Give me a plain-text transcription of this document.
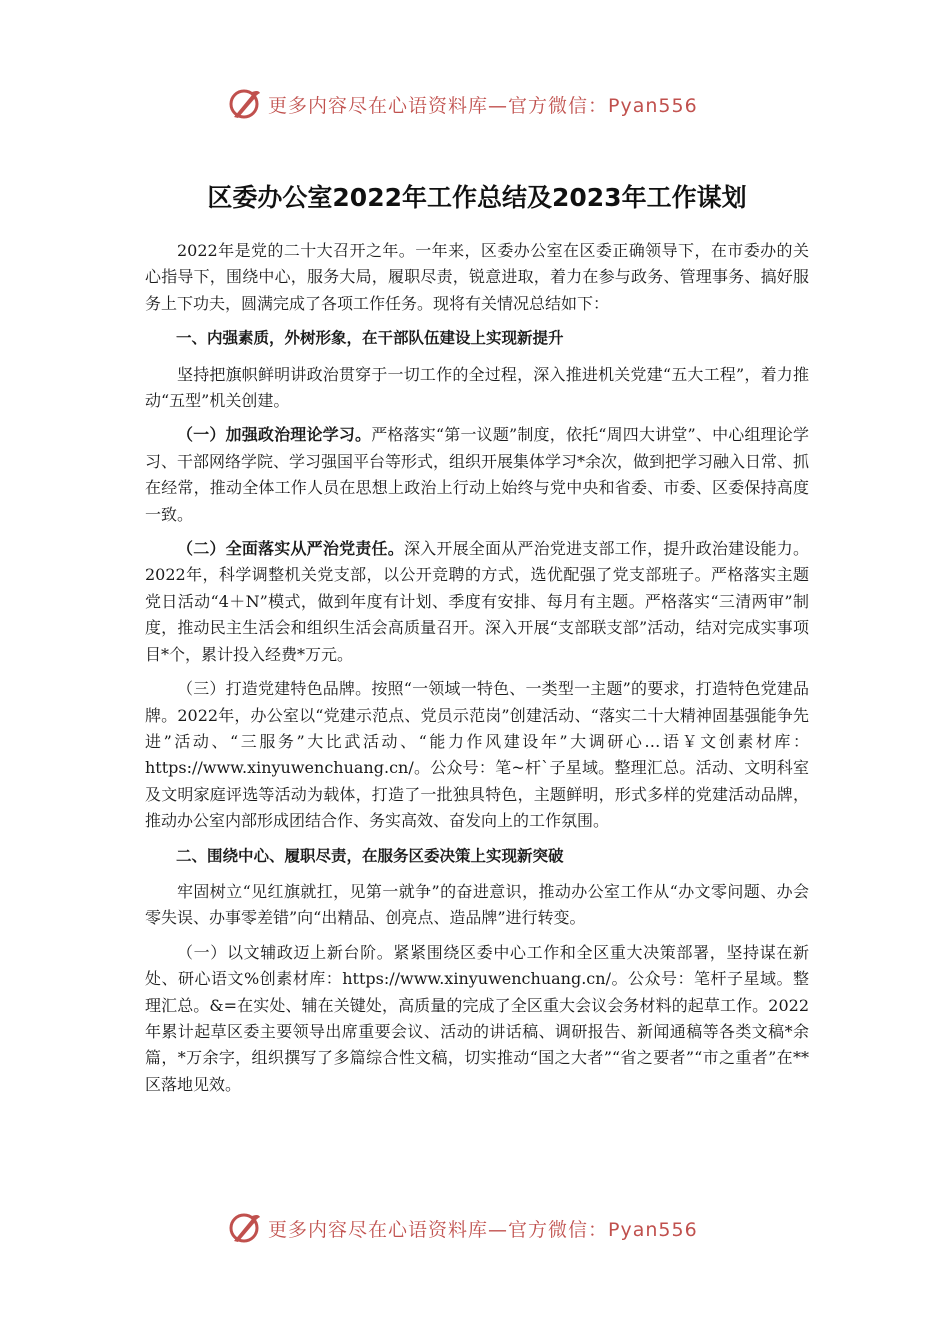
更多内容尽在心语资料库—官方微信：Pyan556
区委办公室2022年工作总结及2023年工作谋划

2022年是党的二十大召开之年。一年来，区委办公室在区委正确领导下，在市委办的关心指导下，围绕中心，服务大局，履职尽责，锐意进取，着力在参与政务、管理事务、搞好服务上下功夫，圆满完成了各项工作任务。现将有关情况总结如下：

一、内强素质，外树形象，在干部队伍建设上实现新提升

坚持把旗帜鲜明讲政治贯穿于一切工作的全过程，深入推进机关党建“五大工程”，着力推动“五型”机关创建。

（一）加强政治理论学习。严格落实“第一议题”制度，依托“周四大讲堂”、中心组理论学习、干部网络学院、学习强国平台等形式，组织开展集体学习*余次，做到把学习融入日常、抓在经常，推动全体工作人员在思想上政治上行动上始终与党中央和省委、市委、区委保持高度一致。

（二）全面落实从严治党责任。深入开展全面从严治党进支部工作，提升政治建设能力。2022年，科学调整机关党支部，以公开竞聘的方式，选优配强了党支部班子。严格落实主题党日活动“4＋N”模式，做到年度有计划、季度有安排、每月有主题。严格落实“三清两审”制度，推动民主生活会和组织生活会高质量召开。深入开展“支部联支部”活动，结对完成实事项目*个，累计投入经费*万元。

（三）打造党建特色品牌。按照“一领域一特色、一类型一主题”的要求，打造特色党建品牌。2022年，办公室以“党建示范点、党员示范岗”创建活动、“落实二十大精神固基强能争先进”活动、“三服务”大比武活动、“能力作风建设年”大调研心…语￥文创素材库：https://www.xinyuwenchuang.cn/。公众号：笔~杆`子星域。整理汇总。活动、文明科室及文明家庭评选等活动为载体，打造了一批独具特色，主题鲜明，形式多样的党建活动品牌，推动办公室内部形成团结合作、务实高效、奋发向上的工作氛围。

二、围绕中心、履职尽责，在服务区委决策上实现新突破

牢固树立“见红旗就扛，见第一就争”的奋进意识，推动办公室工作从“办文零问题、办会零失误、办事零差错”向“出精品、创亮点、造品牌”进行转变。

（一）以文辅政迈上新台阶。紧紧围绕区委中心工作和全区重大决策部署，坚持谋在新处、研心语文%创素材库：https://www.xinyuwenchuang.cn/。公众号：笔杆子星域。整理汇总。&=在实处、辅在关键处，高质量的完成了全区重大会议会务材料的起草工作。2022年累计起草区委主要领导出席重要会议、活动的讲话稿、调研报告、新闻通稿等各类文稿*余篇，*万余字，组织撰写了多篇综合性文稿，切实推动“国之大者”“省之要者”“市之重者”在**区落地见效。

更多内容尽在心语资料库—官方微信：Pyan556
